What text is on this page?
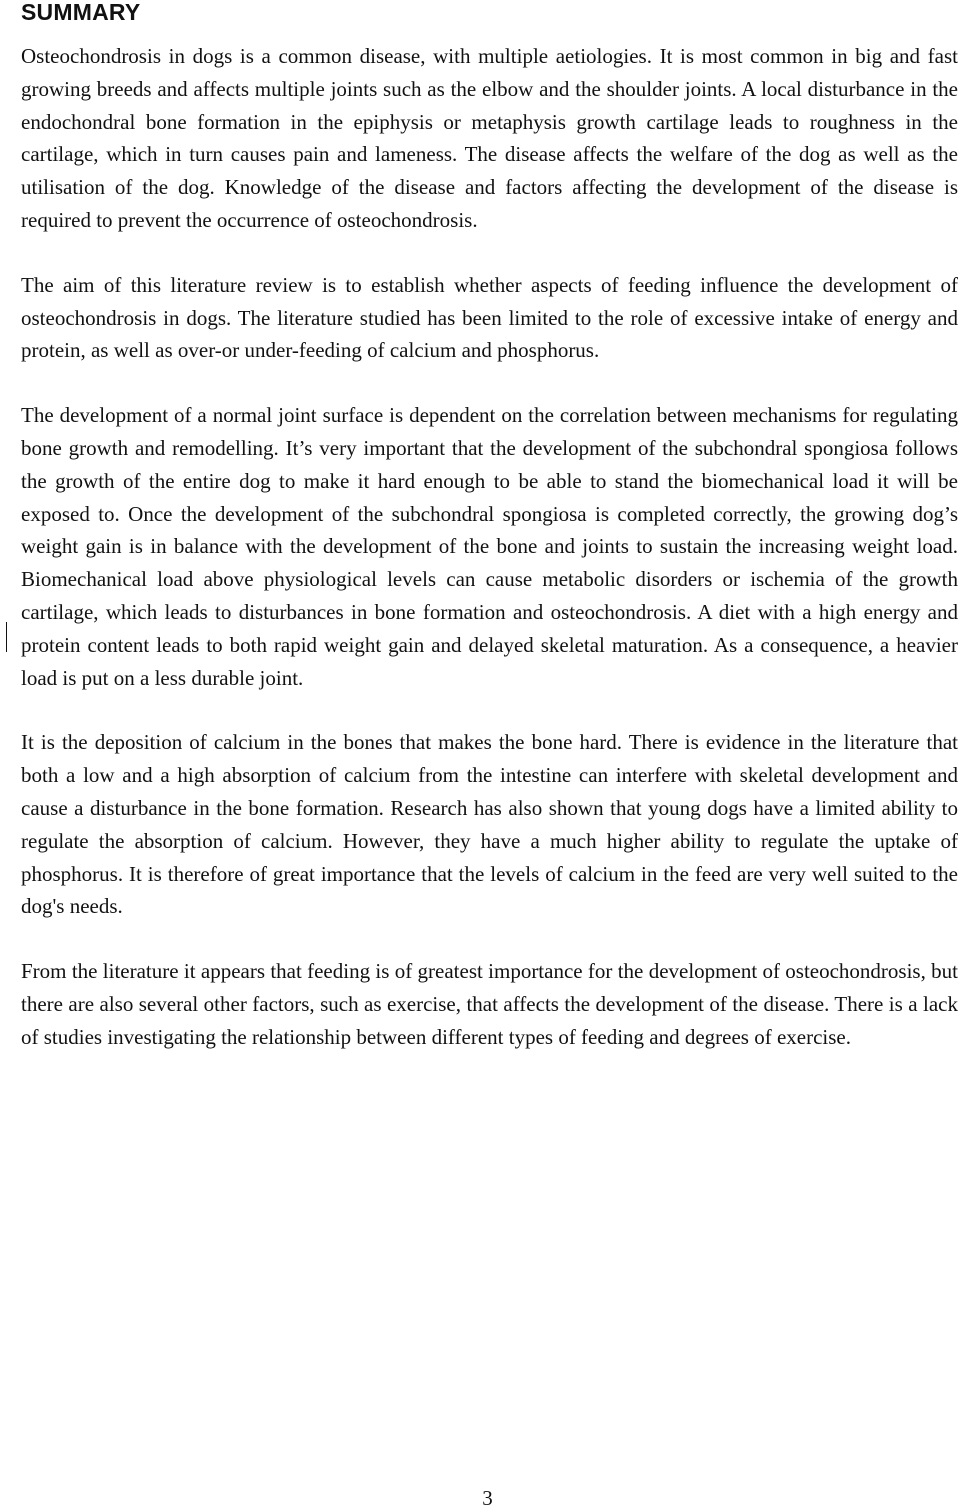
SUMMARY

Osteochondrosis in dogs is a common disease, with multiple aetiologies. It is most common in big and fast growing breeds and affects multiple joints such as the elbow and the shoulder joints. A local disturbance in the endochondral bone formation in the epiphysis or metaphysis growth cartilage leads to roughness in the cartilage, which in turn causes pain and lameness. The disease affects the welfare of the dog as well as the utilisation of the dog. Knowledge of the disease and factors affecting the development of the disease is required to prevent the occurrence of osteochondrosis.

The aim of this literature review is to establish whether aspects of feeding influence the development of osteochondrosis in dogs. The literature studied has been limited to the role of excessive intake of energy and protein, as well as over-or under-feeding of calcium and phosphorus.

The development of a normal joint surface is dependent on the correlation between mechanisms for regulating bone growth and remodelling. It’s very important that the development of the subchondral spongiosa follows the growth of the entire dog to make it hard enough to be able to stand the biomechanical load it will be exposed to. Once the development of the subchondral spongiosa is completed correctly, the growing dog’s weight gain is in balance with the development of the bone and joints to sustain the increasing weight load. Biomechanical load above physiological levels can cause metabolic disorders or ischemia of the growth cartilage, which leads to disturbances in bone formation and osteochondrosis. A diet with a high energy and protein content leads to both rapid weight gain and delayed skeletal maturation. As a consequence, a heavier load is put on a less durable joint.

It is the deposition of calcium in the bones that makes the bone hard. There is evidence in the literature that both a low and a high absorption of calcium from the intestine can interfere with skeletal development and cause a disturbance in the bone formation. Research has also shown that young dogs have a limited ability to regulate the absorption of calcium. However, they have a much higher ability to regulate the uptake of phosphorus. It is therefore of great importance that the levels of calcium in the feed are very well suited to the dog's needs.

From the literature it appears that feeding is of greatest importance for the development of osteochondrosis, but there are also several other factors, such as exercise, that affects the development of the disease. There is a lack of studies investigating the relationship between different types of feeding and degrees of exercise.

3
